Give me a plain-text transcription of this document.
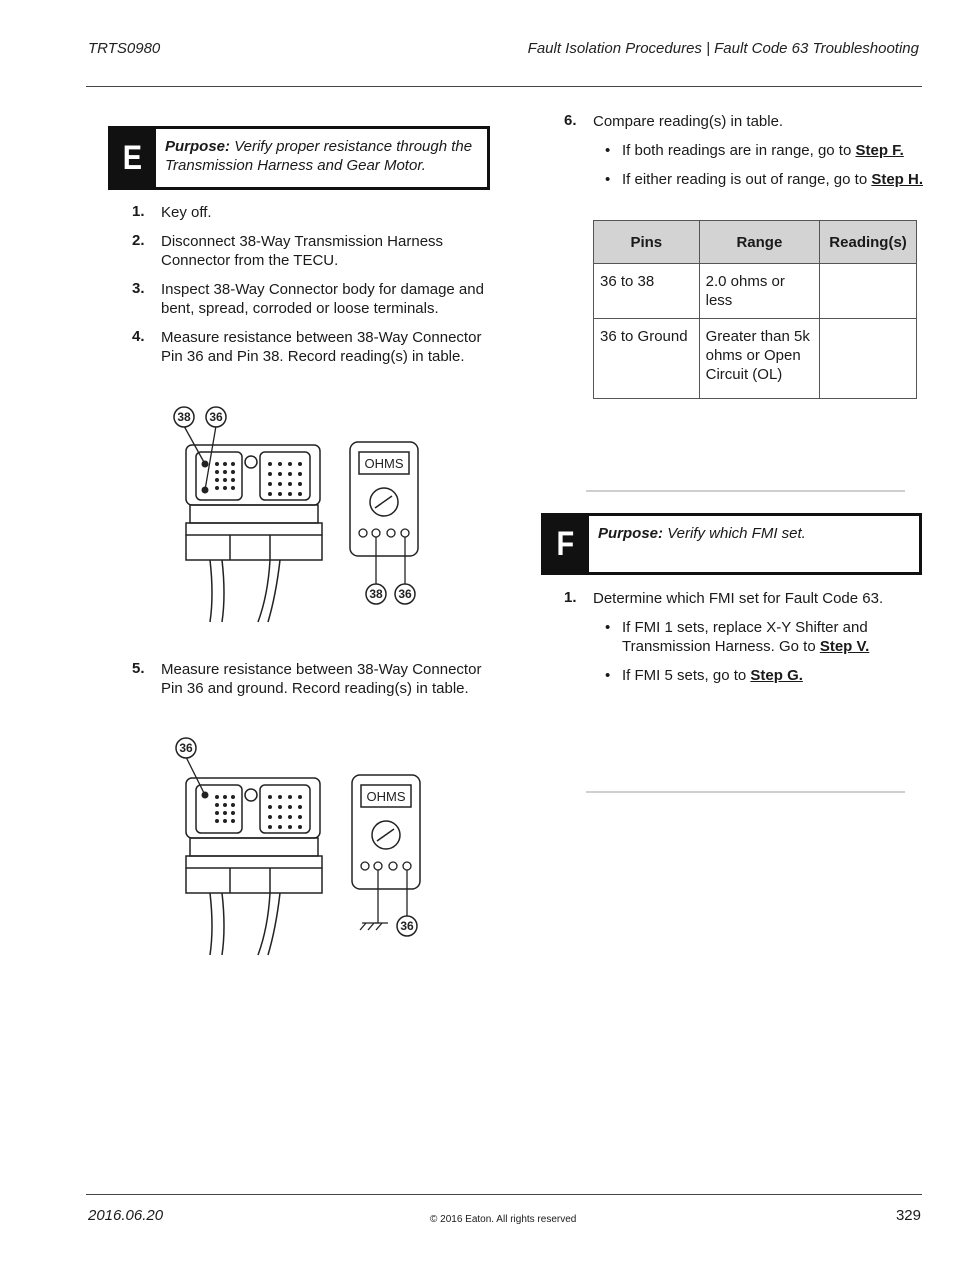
TRTS0980	Fault Isolation Procedures | Fault Code 63 Troubleshooting
E Purpose: Verify proper resistance through the
Transmission Harness and Gear Motor.
1. Key off.
2. Disconnect 38-Way Transmission Harness
Connector from the TECU.
3. Inspect 38-Way Connector body for damage and
bent, spread, corroded or loose terminals.
4. Measure resistance between 38-Way Connector
Pin 36 and Pin 38. Record reading(s) in table.
38 36
38 36
OHMS
5. Measure resistance between 38-Way Connector
Pin 36 and ground. Record reading(s) in table.
36
36
OHMS
6. Compare reading(s) in table.
• If both readings are in range, go to Step F.
• If either reading is out of range, go to Step H.
Pins	Range	Reading(s)
36 to 38	2.0 ohms or less	
36 to Ground	Greater than 5k
ohms or Open
Circuit (OL)	
F Purpose: Verify which FMI set.
1. Determine which FMI set for Fault Code 63.
• If FMI 1 sets, replace X-Y Shifter and
Transmission Harness. Go to Step V.
• If FMI 5 sets, go to Step G.
2016.06.20	© 2016 Eaton. All rights reserved	329
